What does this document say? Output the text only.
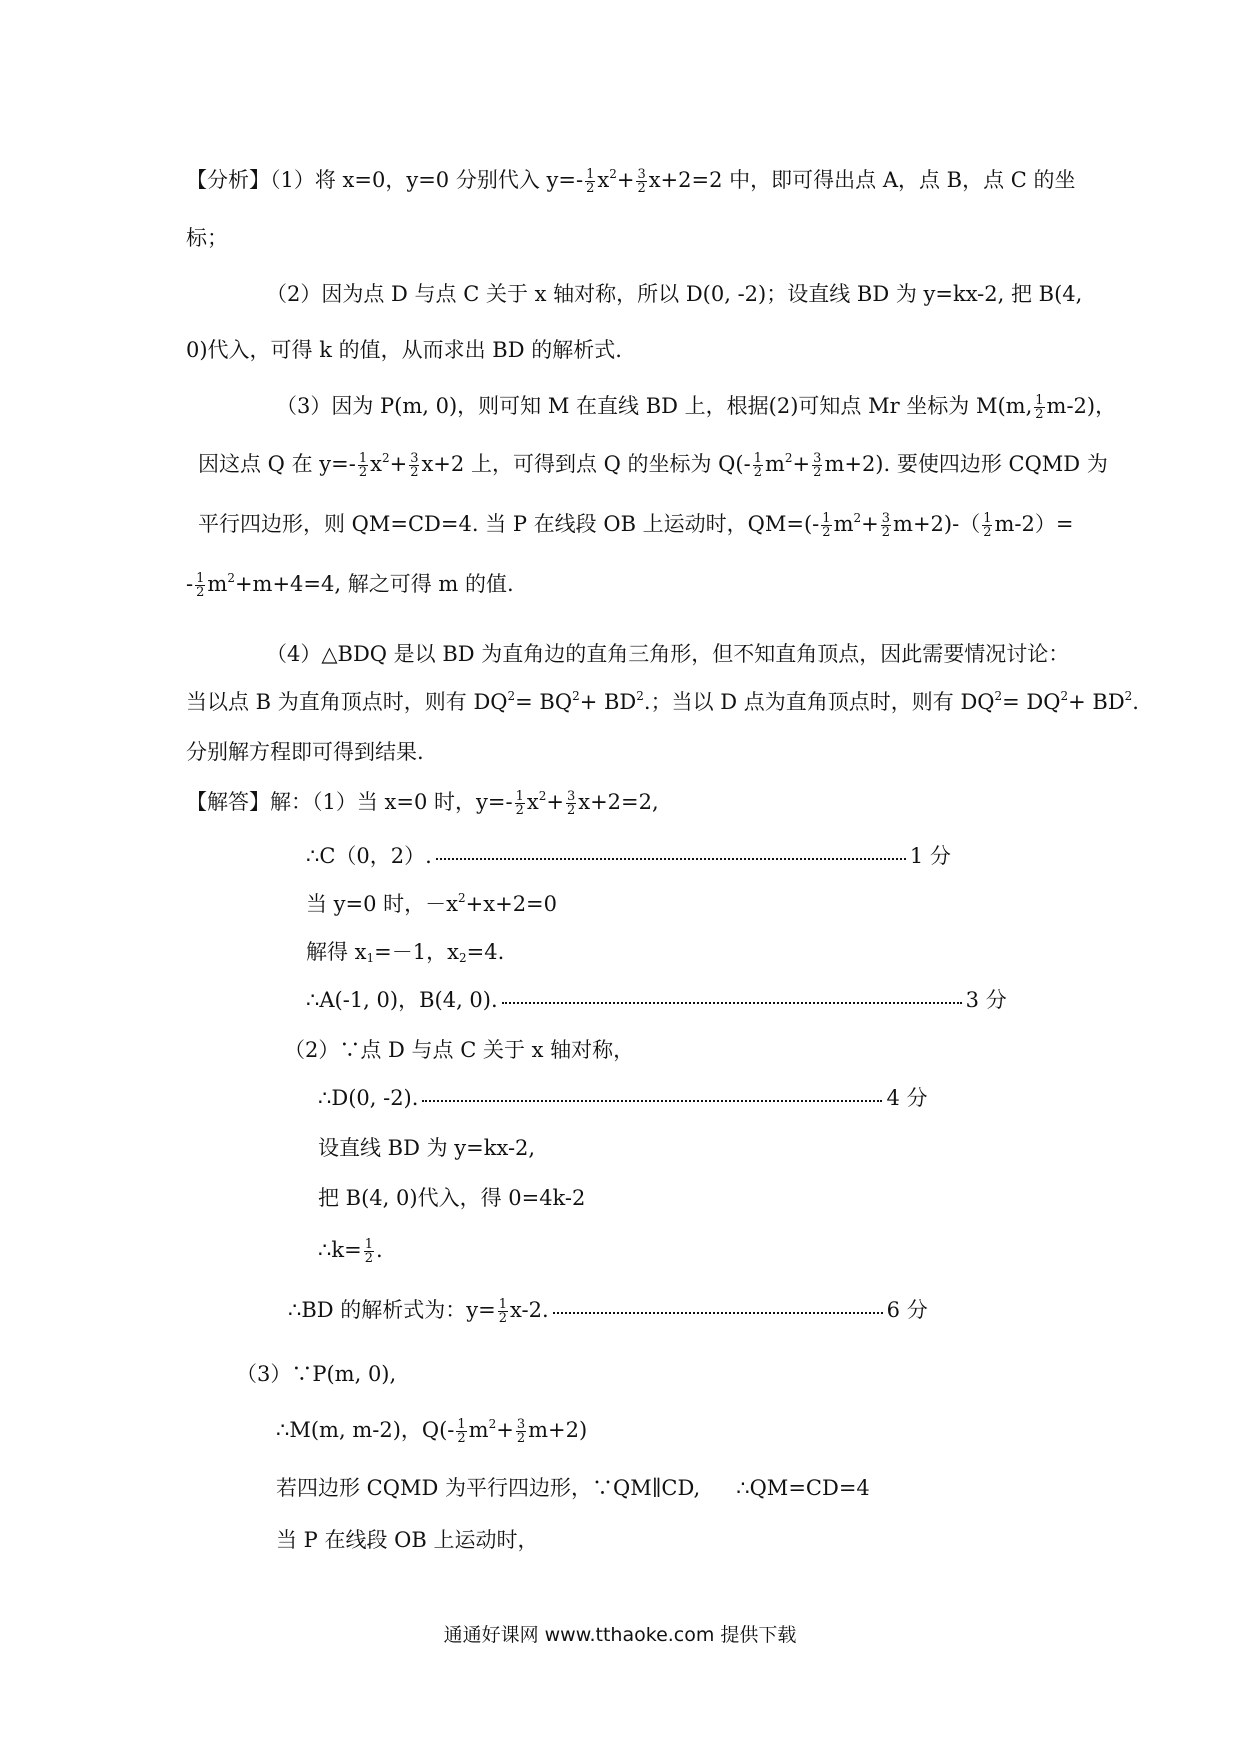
【分析】（1）将 x=0，y=0 分别代入 $y=- \frac{1}{2} x^2+ \frac{3}{2} x+2=2$ 中，即可得出点 A，点 B，点 C 的坐
标；
（2）因为点 D 与点 C 关于 x 轴对称，所以 D(0, -2)；设直线 BD 为 y=kx-2, 把 B(4,
0)代入，可得 k 的值，从而求出 BD 的解析式.
（3）因为 P(m, 0)，则可知 M 在直线 BD 上，根据(2)可知点 Mr 坐标为 M(m, $\frac{1}{2} m-2$)，
因这点 Q 在 $y=- \frac{1}{2} x^2+ \frac{3}{2} x+2$ 上，可得到点 Q 的坐标为 $Q(- \frac{1}{2} m^2+ \frac{3}{2} m+2)$. 要使四边形 CQMD 为
平行四边形，则 QM=CD=4. 当 P 在线段 OB 上运动时，$QM=(- \frac{1}{2} m^2+ \frac{3}{2} m+2)-( \frac{1}{2} m-2)=$
- $\frac{1}{2} m^2+m+4=4$, 解之可得 m 的值.
（4）△BDQ 是以 BD 为直角边的直角三角形，但不知直角顶点，因此需要情况讨论：
当以点 B 为直角顶点时，则有 $DQ^2= BQ^2+ BD^2$.；当以 D 点为直角顶点时，则有 $DQ^2= DQ^2+ BD^2$.
分别解方程即可得到结果.
【解答】解：（1）当 x=0 时，$y=- \frac{1}{2} x^2+ \frac{3}{2} x+2=2$,
∴C（0，2）.	1 分
当 y=0 时，$-x^2+x+2=0$
解得 $x_1=-1$，$x_2=4$.
∴A(-1, 0)，B(4, 0).	3 分
（2）∵点 D 与点 C 关于 x 轴对称，
∴D(0, -2).	4 分
设直线 BD 为 y=kx-2,
把 B(4, 0)代入，得 0=4k-2
∴k= $\frac{1}{2}$ .
∴BD 的解析式为：$y= \frac{1}{2} x-2$.	6 分
（3）∵P(m, 0),
∴M(m, m-2)，$Q(- \frac{1}{2} m^2+ \frac{3}{2} m+2)$
若四边形 CQMD 为平行四边形，∵QM∥CD, ∴QM=CD=4
当 P 在线段 OB 上运动时，
通通好课网 www.tthaoke.com 提供下载
